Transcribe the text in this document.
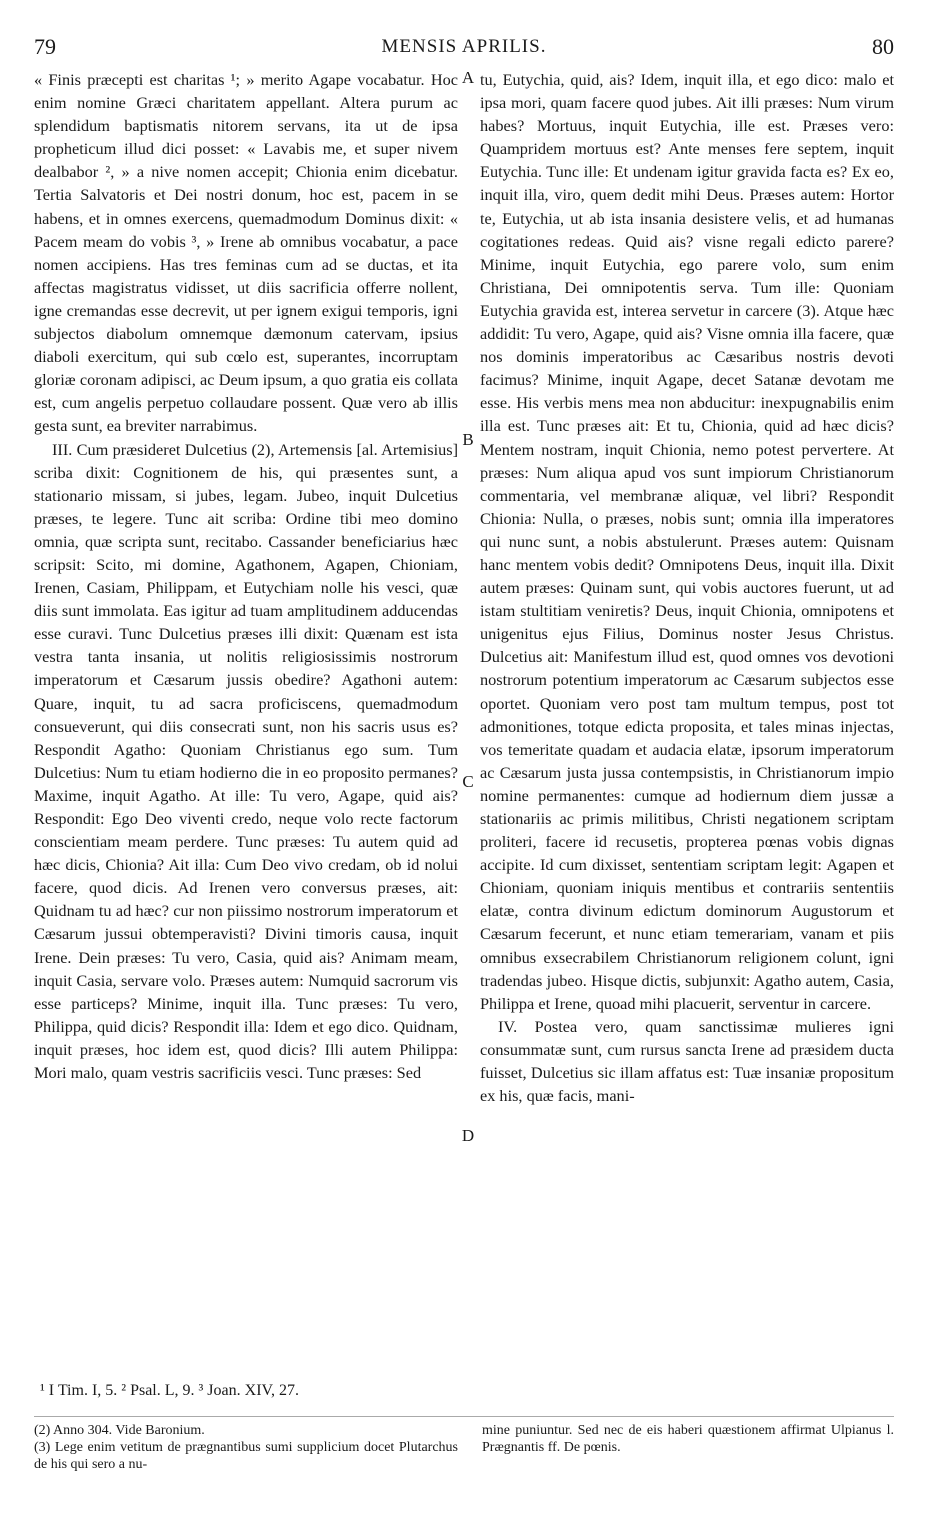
79	MENSIS APRILIS.	80

« Finis præcepti est charitas ¹; » merito Agape vocabatur. Hoc enim nomine Græci charitatem appellant. Altera purum ac splendidum baptismatis nitorem servans, ita ut de ipsa propheticum illud dici posset: « Lavabis me, et super nivem dealbabor ², » a nive nomen accepit; Chionia enim dicebatur. Tertia Salvatoris et Dei nostri donum, hoc est, pacem in se habens, et in omnes exercens, quemadmodum Dominus dixit: « Pacem meam do vobis ³, » Irene ab omnibus vocabatur, a pace nomen accipiens. Has tres feminas cum ad se ductas, et ita affectas magistratus vidisset, ut diis sacrificia offerre nollent, igne cremandas esse decrevit, ut per ignem exigui temporis, igni subjectos diabolum omnemque dæmonum catervam, ipsius diaboli exercitum, qui sub cœlo est, superantes, incorruptam gloriæ coronam adipisci, ac Deum ipsum, a quo gratia eis collata est, cum angelis perpetuo collaudare possent. Quæ vero ab illis gesta sunt, ea breviter narrabimus.

III. Cum præsideret Dulcetius (2), Artemensis [al. Artemisius] scriba dixit: Cognitionem de his, qui præsentes sunt, a stationario missam, si jubes, legam. Jubeo, inquit Dulcetius præses, te legere. Tunc ait scriba: Ordine tibi meo domino omnia, quæ scripta sunt, recitabo. Cassander beneficiarius hæc scripsit: Scito, mi domine, Agathonem, Agapen, Chioniam, Irenen, Casiam, Philippam, et Eutychiam nolle his vesci, quæ diis sunt immolata. Eas igitur ad tuam amplitudinem adducendas esse curavi. Tunc Dulcetius præses illi dixit: Quænam est ista vestra tanta insania, ut nolitis religiosissimis nostrorum imperatorum et Cæsarum jussis obedire? Agathoni autem: Quare, inquit, tu ad sacra proficiscens, quemadmodum consueverunt, qui diis consecrati sunt, non his sacris usus es? Respondit Agatho: Quoniam Christianus ego sum. Tum Dulcetius: Num tu etiam hodierno die in eo proposito permanes? Maxime, inquit Agatho. At ille: Tu vero, Agape, quid ais? Respondit: Ego Deo viventi credo, neque volo recte factorum conscientiam meam perdere. Tunc præses: Tu autem quid ad hæc dicis, Chionia? Ait illa: Cum Deo vivo credam, ob id nolui facere, quod dicis. Ad Irenen vero conversus præses, ait: Quidnam tu ad hæc? cur non piissimo nostrorum imperatorum et Cæsarum jussui obtemperavisti? Divini timoris causa, inquit Irene. Dein præses: Tu vero, Casia, quid ais? Animam meam, inquit Casia, servare volo. Præses autem: Numquid sacrorum vis esse particeps? Minime, inquit illa. Tunc præses: Tu vero, Philippa, quid dicis? Respondit illa: Idem et ego dico. Quidnam, inquit præses, hoc idem est, quod dicis? Illi autem Philippa: Mori malo, quam vestris sacrificiis vesci. Tunc præses: Sed

A
B
C
D

tu, Eutychia, quid, ais? Idem, inquit illa, et ego dico: malo et ipsa mori, quam facere quod jubes. Ait illi præses: Num virum habes? Mortuus, inquit Eutychia, ille est. Præses vero: Quampridem mortuus est? Ante menses fere septem, inquit Eutychia. Tunc ille: Et undenam igitur gravida facta es? Ex eo, inquit illa, viro, quem dedit mihi Deus. Præses autem: Hortor te, Eutychia, ut ab ista insania desistere velis, et ad humanas cogitationes redeas. Quid ais? visne regali edicto parere? Minime, inquit Eutychia, ego parere volo, sum enim Christiana, Dei omnipotentis serva. Tum ille: Quoniam Eutychia gravida est, interea servetur in carcere (3). Atque hæc addidit: Tu vero, Agape, quid ais? Visne omnia illa facere, quæ nos dominis imperatoribus ac Cæsaribus nostris devoti facimus? Minime, inquit Agape, decet Satanæ devotam me esse. His verbis mens mea non abducitur: inexpugnabilis enim illa est. Tunc præses ait: Et tu, Chionia, quid ad hæc dicis? Mentem nostram, inquit Chionia, nemo potest pervertere. At præses: Num aliqua apud vos sunt impiorum Christianorum commentaria, vel membranæ aliquæ, vel libri? Respondit Chionia: Nulla, o præses, nobis sunt; omnia illa imperatores qui nunc sunt, a nobis abstulerunt. Præses autem: Quisnam hanc mentem vobis dedit? Omnipotens Deus, inquit illa. Dixit autem præses: Quinam sunt, qui vobis auctores fuerunt, ut ad istam stultitiam veniretis? Deus, inquit Chionia, omnipotens et unigenitus ejus Filius, Dominus noster Jesus Christus. Dulcetius ait: Manifestum illud est, quod omnes vos devotioni nostrorum potentium imperatorum ac Cæsarum subjectos esse oportet. Quoniam vero post tam multum tempus, post tot admonitiones, totque edicta proposita, et tales minas injectas, vos temeritate quadam et audacia elatæ, ipsorum imperatorum ac Cæsarum justa jussa contempsistis, in Christianorum impio nomine permanentes: cumque ad hodiernum diem jussæ a stationariis ac primis militibus, Christi negationem scriptam proliteri, facere id recusetis, propterea pœnas vobis dignas accipite. Id cum dixisset, sententiam scriptam legit: Agapen et Chioniam, quoniam iniquis mentibus et contrariis sententiis elatæ, contra divinum edictum dominorum Augustorum et Cæsarum fecerunt, et nunc etiam temerariam, vanam et piis omnibus exsecrabilem Christianorum religionem colunt, igni tradendas jubeo. Hisque dictis, subjunxit: Agatho autem, Casia, Philippa et Irene, quoad mihi placuerit, serventur in carcere.

IV. Postea vero, quam sanctissimæ mulieres igni consummatæ sunt, cum rursus sancta Irene ad præsidem ducta fuisset, Dulcetius sic illam affatus est: Tuæ insaniæ propositum ex his, quæ facis, mani-

¹ I Tim. I, 5. ² Psal. L, 9. ³ Joan. XIV, 27.

(2) Anno 304. Vide Baronium.

(3) Lege enim vetitum de prægnantibus sumi supplicium docet Plutarchus de his qui sero a nu-

mine puniuntur. Sed nec de eis haberi quæstionem affirmat Ulpianus l. Prægnantis ff. De pœnis.
